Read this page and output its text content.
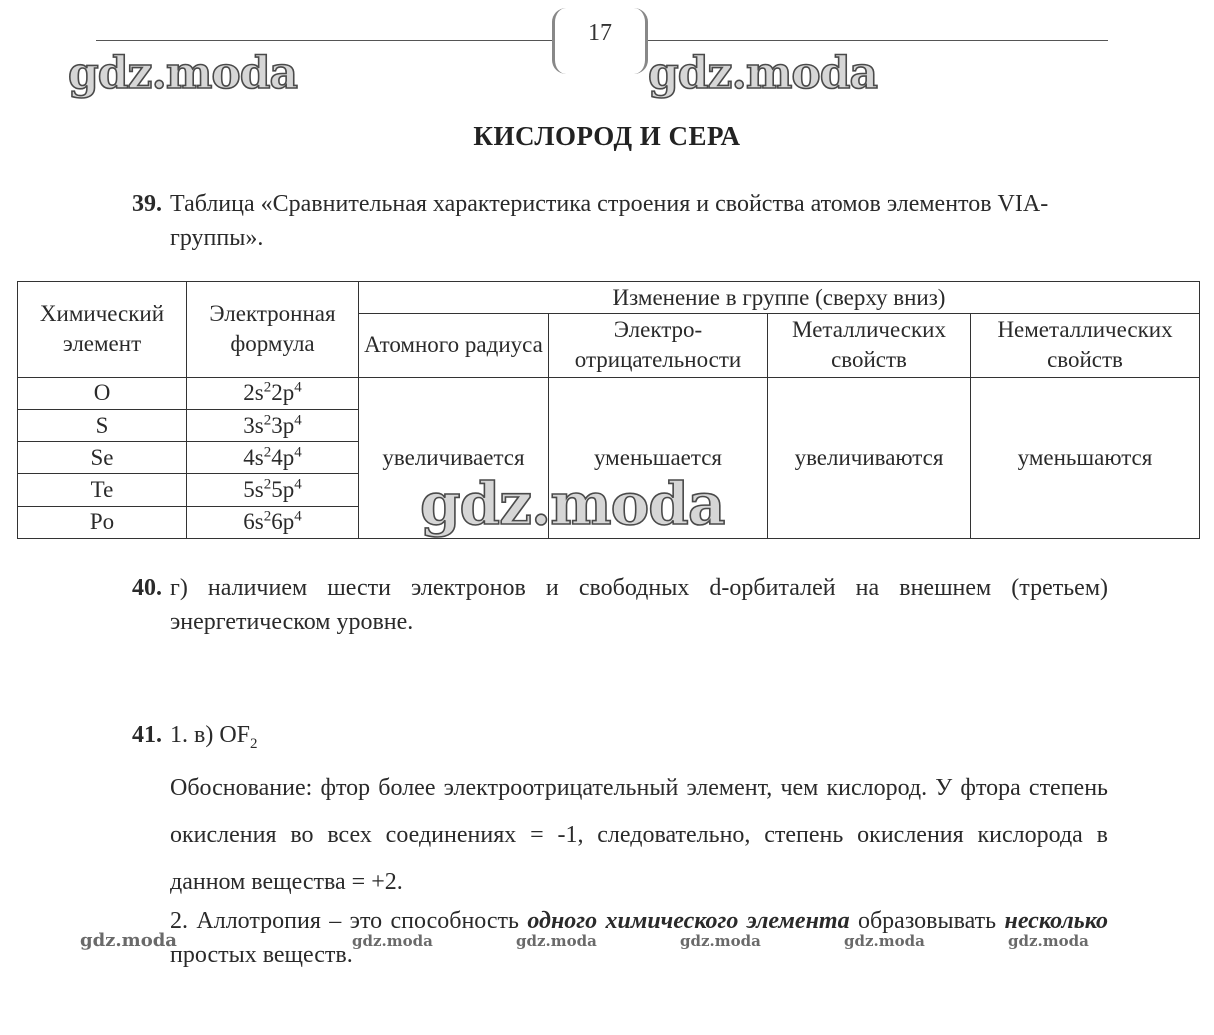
17
gdz.moda	gdz.moda
КИСЛОРОД И СЕРА
39. Таблица «Сравнительная характеристика строения и свойства атомов элементов VIA-группы».
Химический элемент	Электронная формула	Изменение в группе (сверху вниз)			
		Атомного радиуса	Электро-отрицательности	Металлических свойств	Неметаллических свойств
O	$2s^22p^4$	увеличивается	уменьшается	увеличиваются	уменьшаются
S	$3s^23p^4$
Se	$4s^24p^4$
Te	$5s^25p^4$
Po	$6s^26p^4$ gdz.moda
40. г) наличием шести электронов и свободных d-орбиталей на внешнем (третьем) энергетическом уровне.
41. 1. в) $OF_2$
Обоснование: фтор более электроотрицательный элемент, чем кислород. У фтора степень окисления во всех соединениях = -1, следовательно, степень окисления кислорода в данном вещества = +2.
2. Аллотропия – это способность одного химического элемента образовывать несколько простых веществ.
gdz.moda	gdz.moda	gdz.moda	gdz.moda	gdz.moda	gdz.moda
